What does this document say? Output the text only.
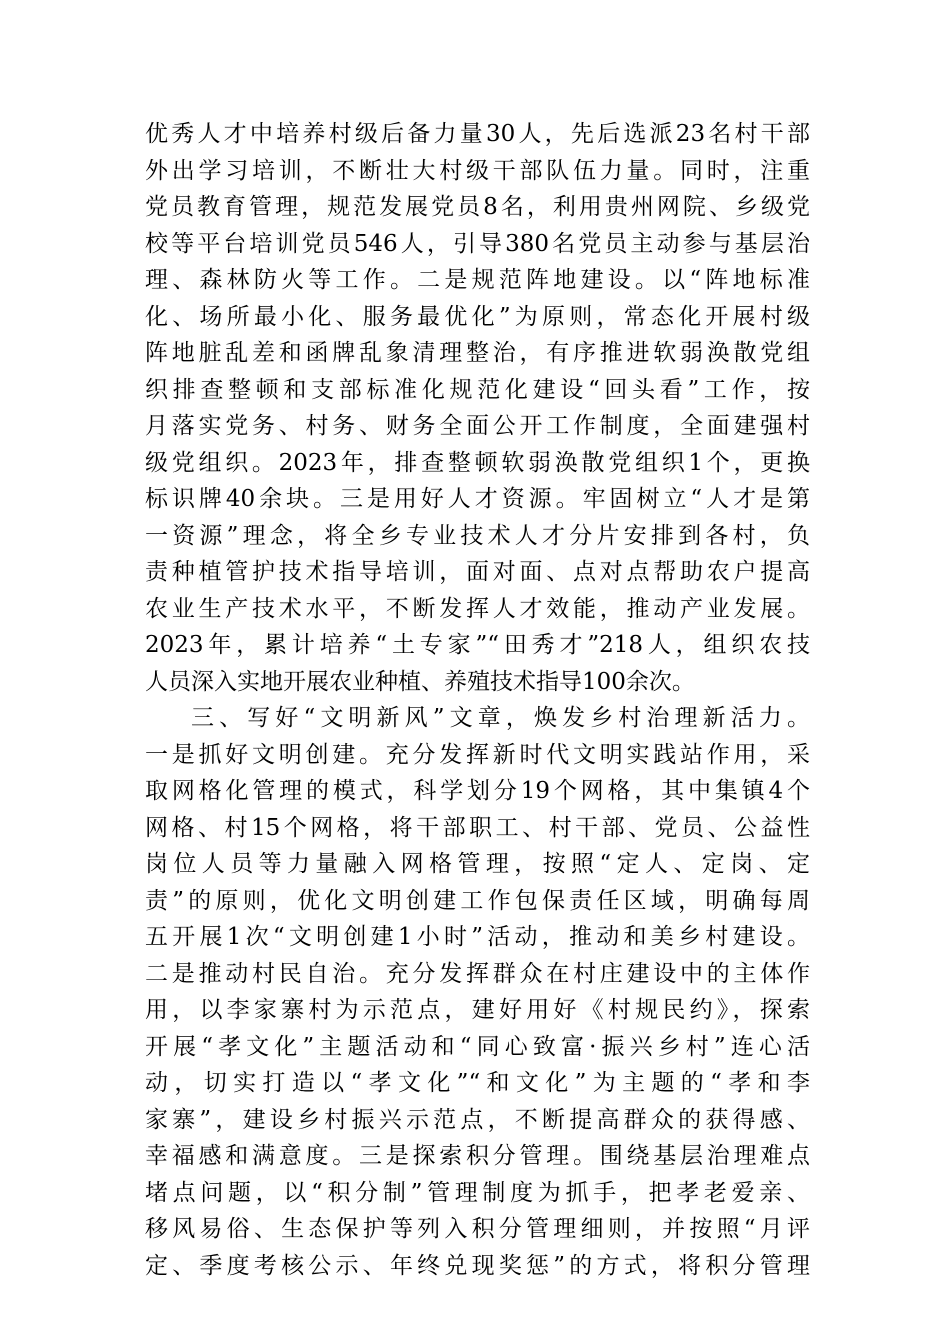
优秀人才中培养村级后备力量30人，先后选派23名村干部
外出学习培训，不断壮大村级干部队伍力量。同时，注重
党员教育管理，规范发展党员8名，利用贵州网院、乡级党
校等平台培训党员546人，引导380名党员主动参与基层治
理、森林防火等工作。二是规范阵地建设。以“阵地标准
化、场所最小化、服务最优化”为原则，常态化开展村级
阵地脏乱差和函牌乱象清理整治，有序推进软弱涣散党组
织排查整顿和支部标准化规范化建设“回头看”工作，按
月落实党务、村务、财务全面公开工作制度，全面建强村
级党组织。2023年，排查整顿软弱涣散党组织1个，更换
标识牌40余块。三是用好人才资源。牢固树立“人才是第
一资源”理念，将全乡专业技术人才分片安排到各村，负
责种植管护技术指导培训，面对面、点对点帮助农户提高
农业生产技术水平，不断发挥人才效能，推动产业发展。
2023年，累计培养“土专家”“田秀才”218人，组织农技
人员深入实地开展农业种植、养殖技术指导100余次。
三、写好“文明新风”文章，焕发乡村治理新活力。
一是抓好文明创建。充分发挥新时代文明实践站作用，采
取网格化管理的模式，科学划分19个网格，其中集镇4个
网格、村15个网格，将干部职工、村干部、党员、公益性
岗位人员等力量融入网格管理，按照“定人、定岗、定
责”的原则，优化文明创建工作包保责任区域，明确每周
五开展1次“文明创建1小时”活动，推动和美乡村建设。
二是推动村民自治。充分发挥群众在村庄建设中的主体作
用，以李家寨村为示范点，建好用好《村规民约》，探索
开展“孝文化”主题活动和“同心致富·振兴乡村”连心活
动，切实打造以“孝文化”“和文化”为主题的“孝和李
家寨”，建设乡村振兴示范点，不断提高群众的获得感、
幸福感和满意度。三是探索积分管理。围绕基层治理难点
堵点问题，以“积分制”管理制度为抓手，把孝老爱亲、
移风易俗、生态保护等列入积分管理细则，并按照“月评
定、季度考核公示、年终兑现奖惩”的方式，将积分管理
